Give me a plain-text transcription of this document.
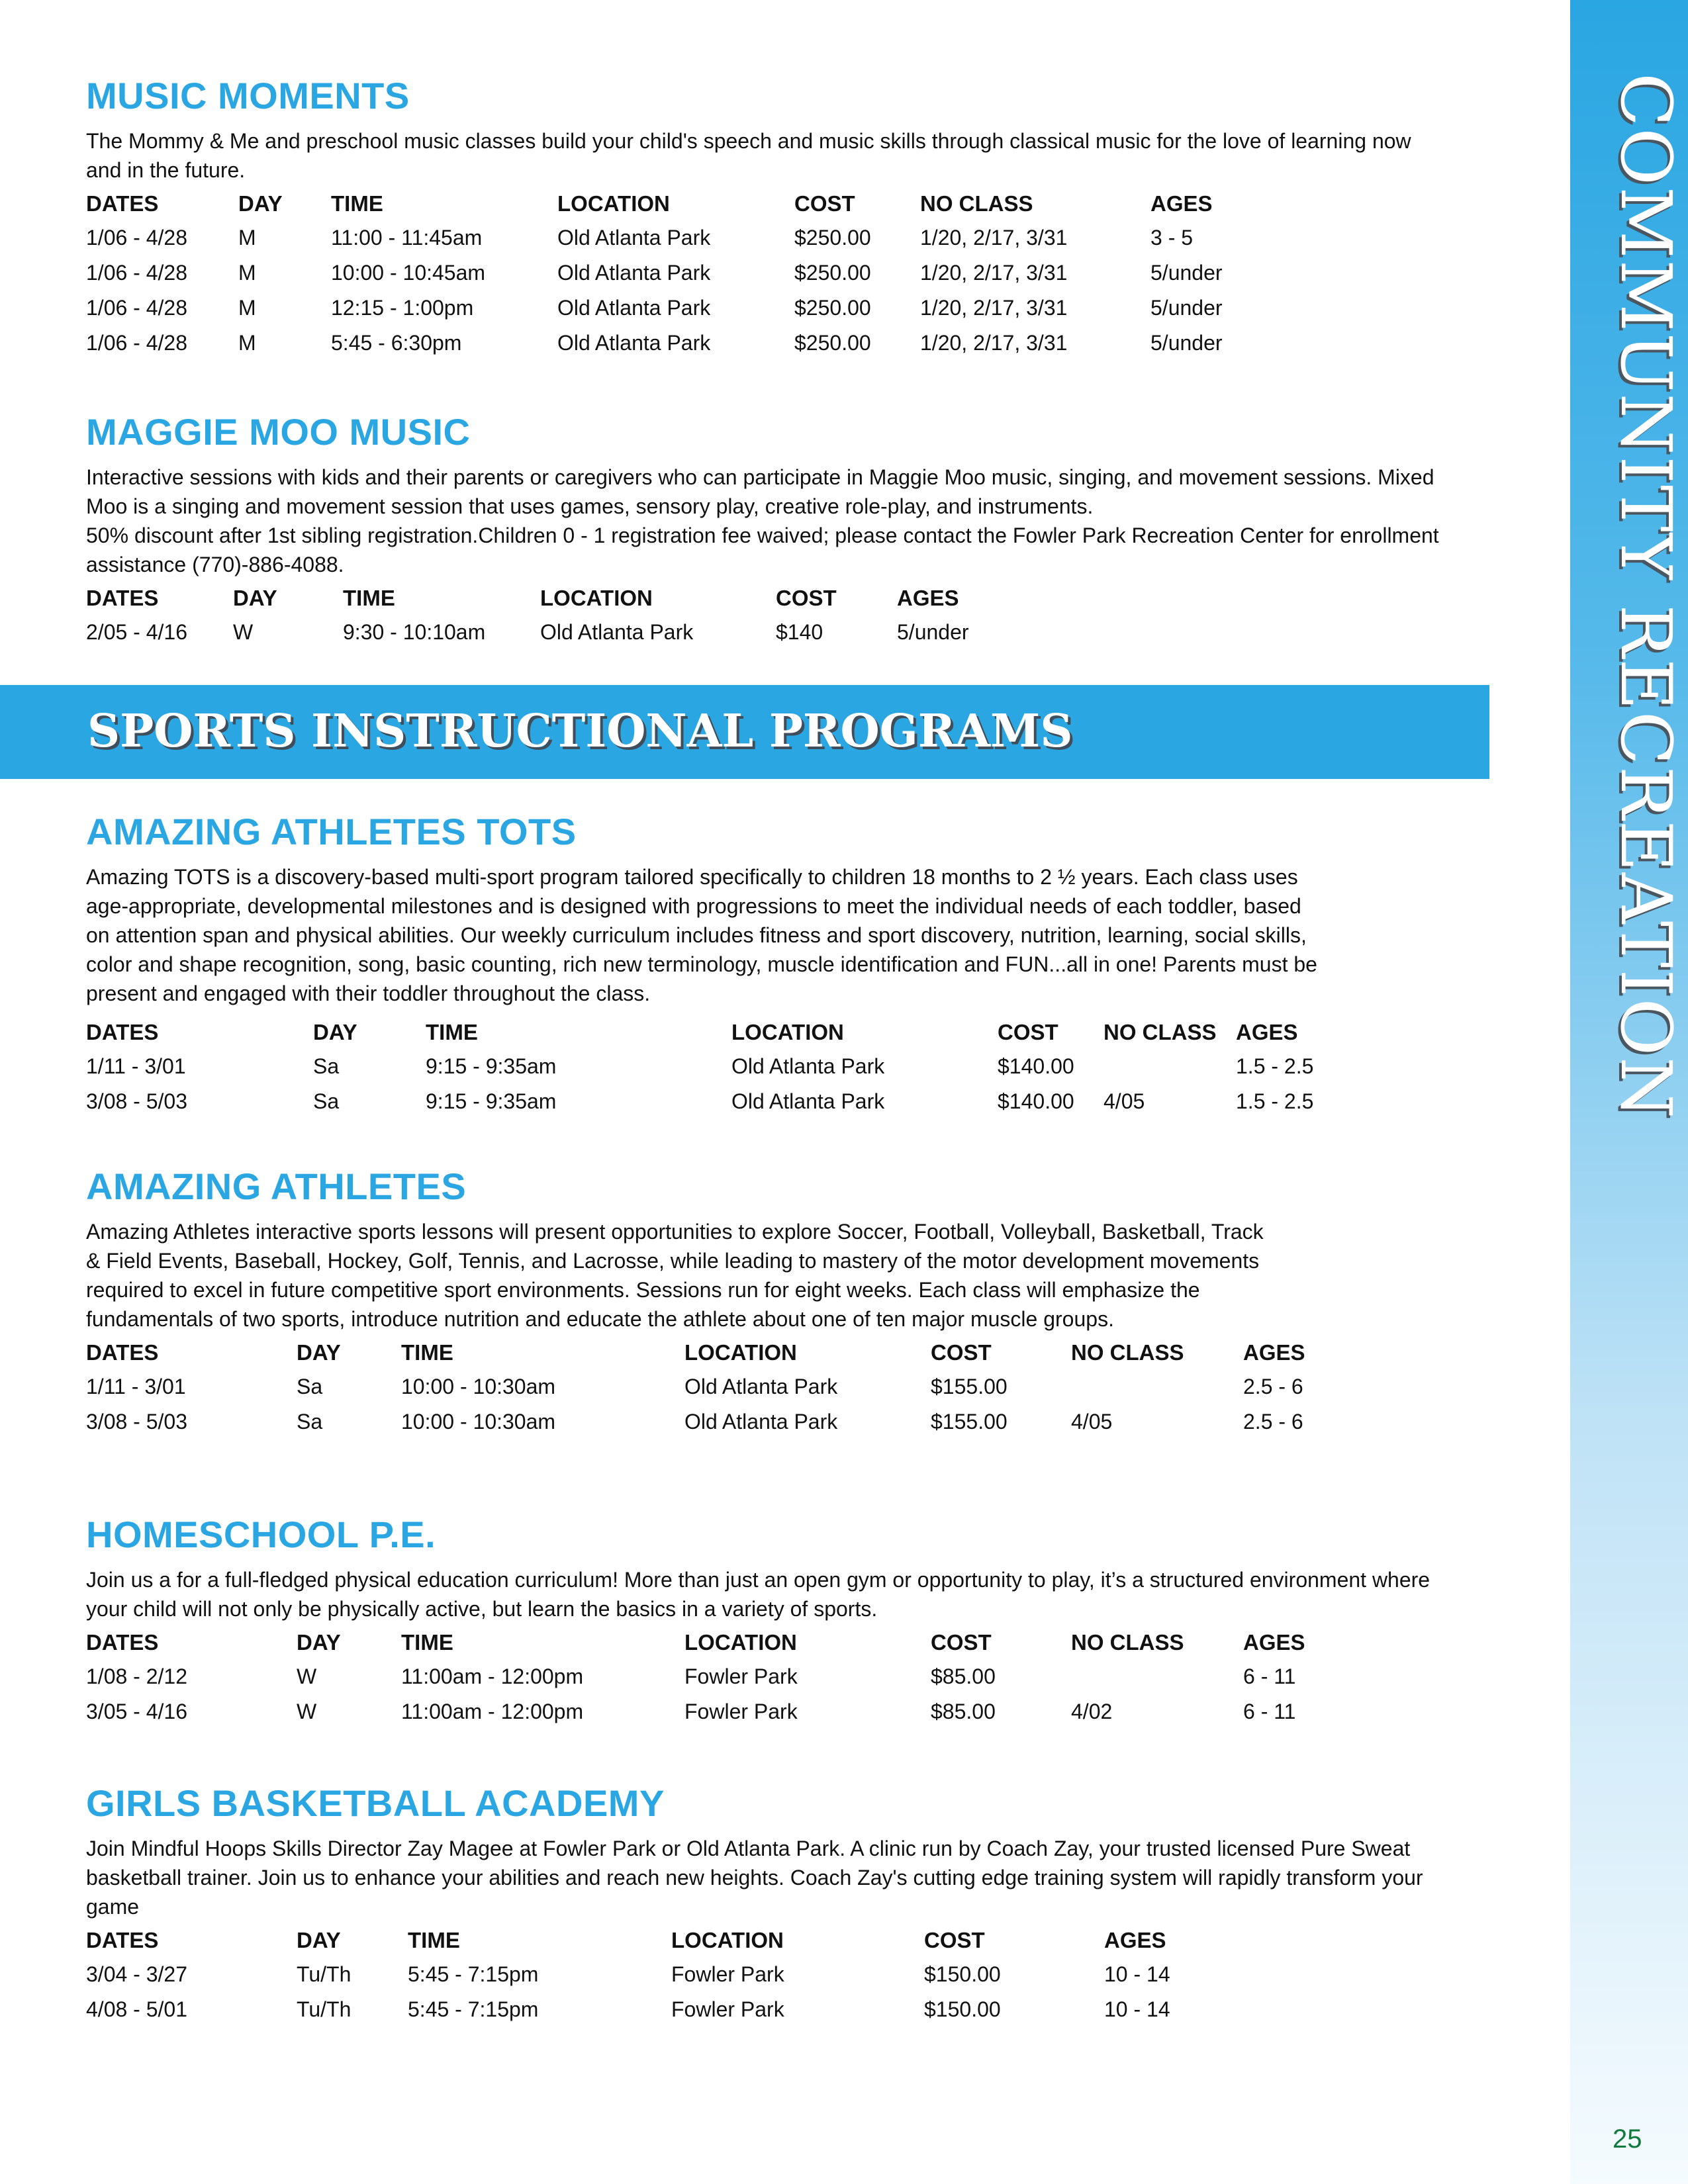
COMMUNITY RECREATION
25
MUSIC MOMENTS
The Mommy & Me and preschool music classes build your child's speech and music skills through classical music for the love of learning now and in the future.
DATES	DAY	TIME	LOCATION	COST	NO CLASS	AGES
1/06 - 4/28	M	11:00 - 11:45am	Old Atlanta Park	$250.00	1/20, 2/17, 3/31	3 - 5
1/06 - 4/28	M	10:00 - 10:45am	Old Atlanta Park	$250.00	1/20, 2/17, 3/31	5/under
1/06 - 4/28	M	12:15 - 1:00pm	Old Atlanta Park	$250.00	1/20, 2/17, 3/31	5/under
1/06 - 4/28	M	5:45 - 6:30pm	Old Atlanta Park	$250.00	1/20, 2/17, 3/31	5/under
MAGGIE MOO MUSIC
Interactive sessions with kids and their parents or caregivers who can participate in Maggie Moo music, singing, and movement sessions. Mixed Moo is a singing and movement session that uses games, sensory play, creative role-play, and instruments.
50% discount after 1st sibling registration.Children 0 - 1 registration fee waived; please contact the Fowler Park Recreation Center for enrollment assistance (770)-886-4088.
DATES	DAY	TIME	LOCATION	COST	AGES
2/05 - 4/16	W	9:30 - 10:10am	Old Atlanta Park	$140	5/under
SPORTS INSTRUCTIONAL PROGRAMS
AMAZING ATHLETES TOTS
Amazing TOTS is a discovery-based multi-sport program tailored specifically to children 18 months to 2 ½ years. Each class uses age-appropriate, developmental milestones and is designed with progressions to meet the individual needs of each toddler, based on attention span and physical abilities. Our weekly curriculum includes fitness and sport discovery, nutrition, learning, social skills, color and shape recognition, song, basic counting, rich new terminology, muscle identification and FUN...all in one! Parents must be present and engaged with their toddler throughout the class.
DATES	DAY	TIME	LOCATION	COST	NO CLASS	AGES
1/11 - 3/01	Sa	9:15 - 9:35am	Old Atlanta Park	$140.00		1.5 - 2.5
3/08 - 5/03	Sa	9:15 - 9:35am	Old Atlanta Park	$140.00	4/05	1.5 - 2.5
AMAZING ATHLETES
Amazing Athletes interactive sports lessons will present opportunities to explore Soccer, Football, Volleyball, Basketball, Track & Field Events, Baseball, Hockey, Golf, Tennis, and Lacrosse, while leading to mastery of the motor development movements required to excel in future competitive sport environments. Sessions run for eight weeks. Each class will emphasize the fundamentals of two sports, introduce nutrition and educate the athlete about one of ten major muscle groups.
DATES	DAY	TIME	LOCATION	COST	NO CLASS	AGES
1/11 - 3/01	Sa	10:00 - 10:30am	Old Atlanta Park	$155.00		2.5 - 6
3/08 - 5/03	Sa	10:00 - 10:30am	Old Atlanta Park	$155.00	4/05	2.5 - 6
HOMESCHOOL P.E.
Join us a for a full-fledged physical education curriculum! More than just an open gym or opportunity to play, it’s a structured environment where your child will not only be physically active, but learn the basics in a variety of sports.
DATES	DAY	TIME	LOCATION	COST	NO CLASS	AGES
1/08 - 2/12	W	11:00am - 12:00pm	Fowler Park	$85.00		6 - 11
3/05 - 4/16	W	11:00am - 12:00pm	Fowler Park	$85.00	4/02	6 - 11
GIRLS BASKETBALL ACADEMY
Join Mindful Hoops Skills Director Zay Magee at Fowler Park or Old Atlanta Park. A clinic run by Coach Zay, your trusted licensed Pure Sweat basketball trainer. Join us to enhance your abilities and reach new heights. Coach Zay's cutting edge training system will rapidly transform your game
DATES	DAY	TIME	LOCATION	COST	AGES
3/04 - 3/27	Tu/Th	5:45 - 7:15pm	Fowler Park	$150.00	10 - 14
4/08 - 5/01	Tu/Th	5:45 - 7:15pm	Fowler Park	$150.00	10 - 14
